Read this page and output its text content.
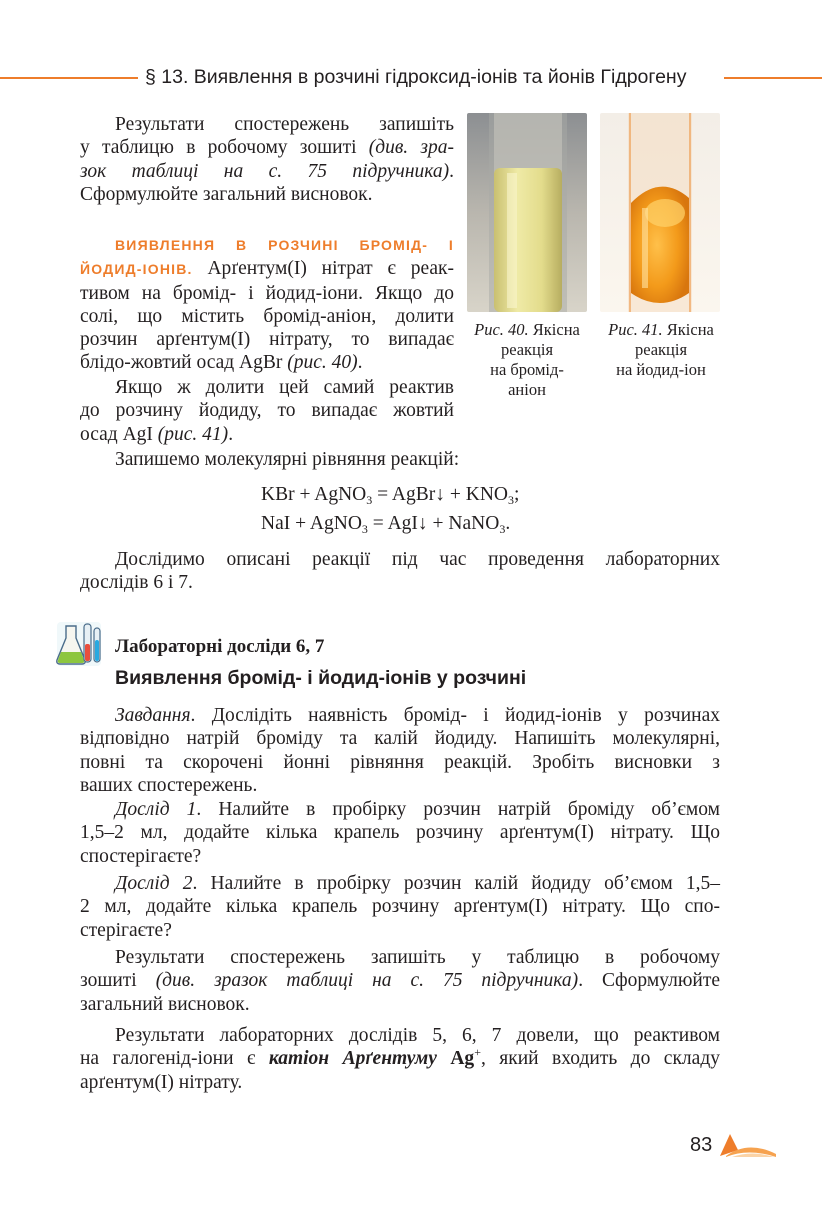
§ 13. Виявлення в розчині гідроксид-іонів та йонів Гідрогену
Результати спостережень запишіть
у таблицю в робочому зошиті (див. зра-
зок таблиці на с. 75 підручника).
Сформулюйте загальний висновок.
ВИЯВЛЕННЯ В РОЗЧИНІ БРОМІД- І
ЙОДИД-ІОНІВ. Арґентум(І) нітрат є реак-
тивом на бромід- і йодид-іони. Якщо до
солі, що містить бромід-аніон, долити
розчин арґентум(І) нітрату, то випадає
блідо-жовтий осад AgBr (рис. 40).
Якщо ж долити цей самий реактив
до розчину йодиду, то випадає жовтий
осад AgI (рис. 41).
Рис. 40. Якісна
реакція
на бромід-
аніон
Рис. 41. Якісна
реакція
на йодид-іон
Запишемо молекулярні рівняння реакцій:
KBr + AgNO$_3$ = AgBr↓ + $KNO_3$;
NaI + AgNO$_3$ = AgI↓ + NaNO$_3$.
Дослідимо описані реакції під час проведення лабораторних
дослідів 6 і 7.
Лабораторні досліди 6, 7
Виявлення бромід- і йодид-іонів у розчині
Завдання. Дослідіть наявність бромід- і йодид-іонів у розчинах
відповідно натрій броміду та калій йодиду. Напишіть молекулярні,
повні та скорочені йонні рівняння реакцій. Зробіть висновки з
ваших спостережень.
Дослід 1. Налийте в пробірку розчин натрій броміду об’ємом
1,5–2 мл, додайте кілька крапель розчину арґентум(І) нітрату. Що
спостерігаєте?
Дослід 2. Налийте в пробірку розчин калій йодиду об’ємом 1,5–
2 мл, додайте кілька крапель розчину арґентум(І) нітрату. Що спо-
стерігаєте?
Результати спостережень запишіть у таблицю в робочому
зошиті (див. зразок таблиці на с. 75 підручника). Сформулюйте
загальний висновок.
Результати лабораторних дослідів 5, 6, 7 довели, що реактивом
на галогенід-іони є катіон Арґентуму Ag+, який входить до складу
арґентум(І) нітрату.
83
